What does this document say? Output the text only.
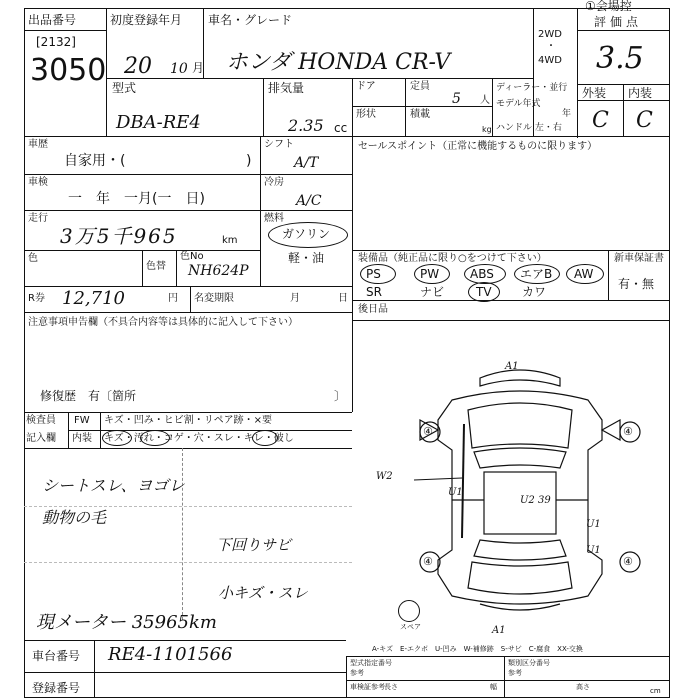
出品番号
[2132]
3050
初度登録年月
20 10 月
車名・グレード
ホンダ HONDA CR-V
2WD
・
4WD
①会場控
評価点
3.5
外装 内装
C C
型式
DBA-RE4
排気量
2.35 cc
ドア	定員
5 人
形状	積載
kg
ディーラー・並行
モデル年式
年
ハンドル 左・右
車歴
自家用・(	)
シフト
A/T
車検
一　年　一月(一　日)
冷房
A/C
走行
3万5千965	km
燃料
ガソリン
軽・油
色
色替
色No
NH624P
R券 12,710	円 名変期限	月	日
注意事項申告欄（不具合内容等は具体的に記入して下さい）
修復歴　有〔箇所	〕
検査員
記入欄
FW キズ・凹み・ヒビ割・リペア跡・×要
内装 キズ・汚れ・コゲ・穴・スレ・キレ・破し
シートスレ、ヨゴレ
動物の毛
下回りサビ
小キズ・スレ
現メーター 35965km
セールスポイント（正常に機能するものに限ります）
装備品（純正品に限り○をつけて下さい）	新車保証書
有・無
PS	PW	ABS エアB AW
SR	ナビ	TV	カワ
後日品
スペア
A1
A1
W2
U1
U2 39
U1
U1
④	④
④	④
A-キズ　E-エクボ　U-凹み　W-補修跡　S-サビ　C-腐食　XX-交換
車台番号 RE4-1101566
登録番号
型式指定番号
参考
類別区分番号
参考
車検証参考 長さ	幅	高さ	cm
